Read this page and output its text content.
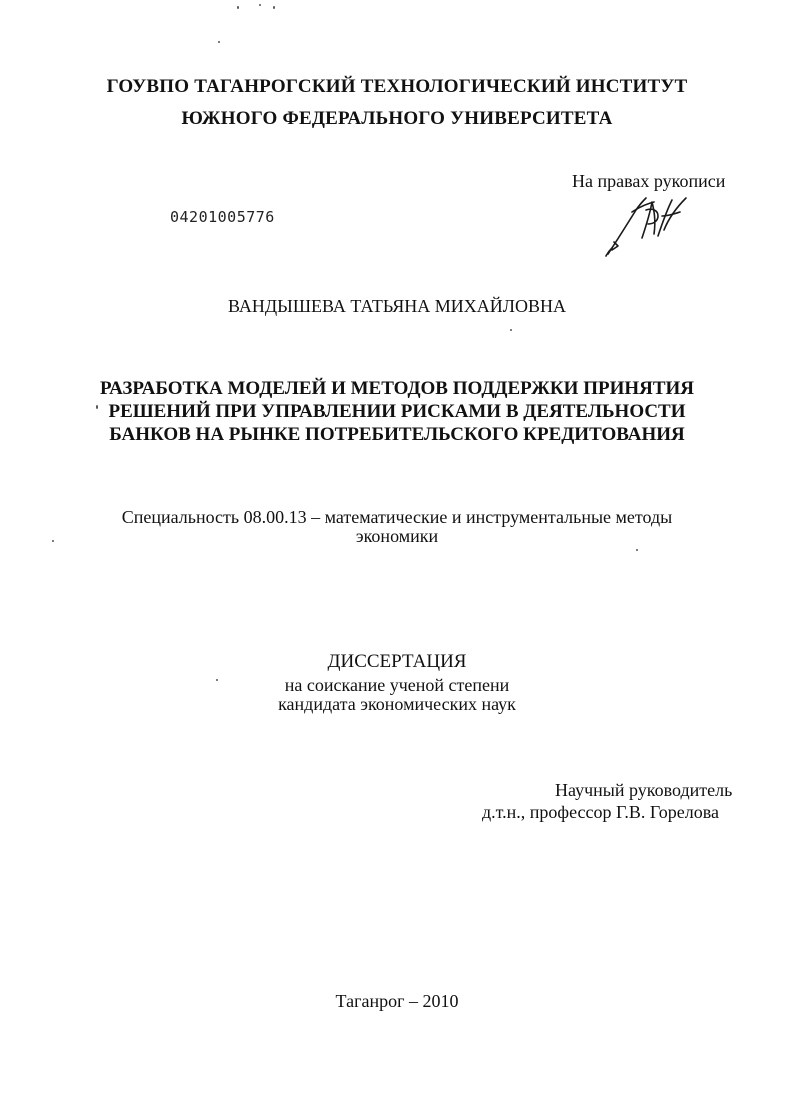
ГОУВПО ТАГАНРОГСКИЙ ТЕХНОЛОГИЧЕСКИЙ ИНСТИТУТ
ЮЖНОГО ФЕДЕРАЛЬНОГО УНИВЕРСИТЕТА
На правах рукописи
04201005776
ВАНДЫШЕВА ТАТЬЯНА МИХАЙЛОВНА
РАЗРАБОТКА МОДЕЛЕЙ И МЕТОДОВ ПОДДЕРЖКИ ПРИНЯТИЯ
РЕШЕНИЙ ПРИ УПРАВЛЕНИИ РИСКАМИ В ДЕЯТЕЛЬНОСТИ
БАНКОВ НА РЫНКЕ ПОТРЕБИТЕЛЬСКОГО КРЕДИТОВАНИЯ
Специальность 08.00.13 – математические и инструментальные методы
экономики
ДИССЕРТАЦИЯ
на соискание ученой степени
кандидата экономических наук
Научный руководитель
д.т.н., профессор Г.В. Горелова
Таганрог – 2010
